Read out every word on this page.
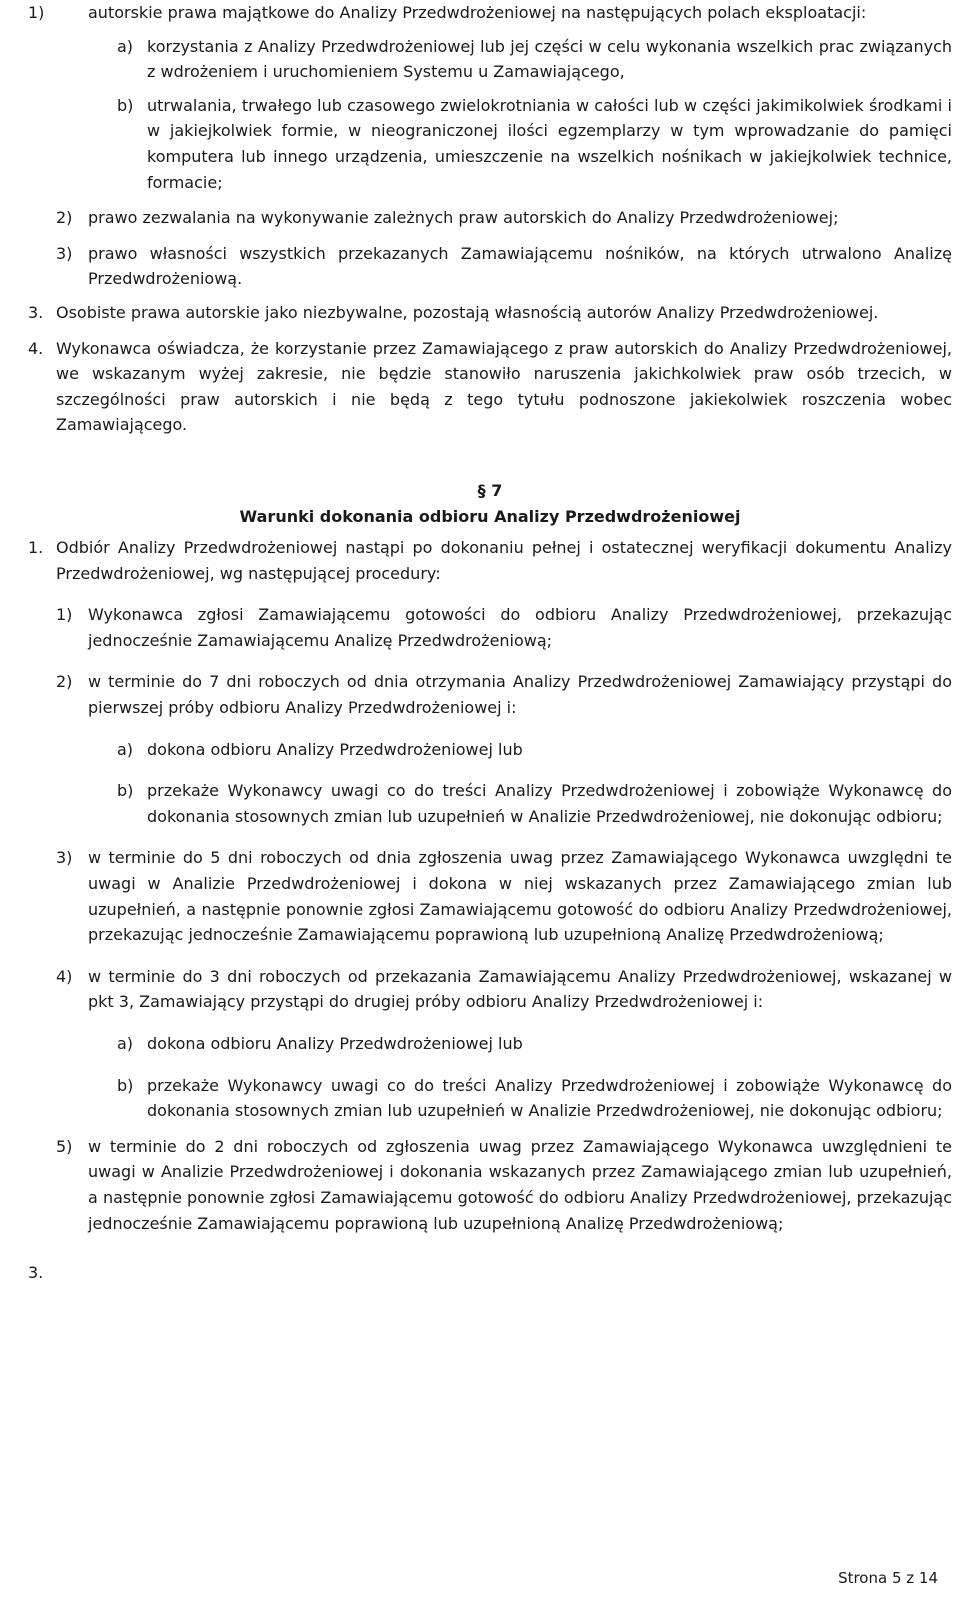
1)	autorskie prawa majątkowe do Analizy Przedwdrożeniowej na następujących polach eksploatacji:
a) korzystania z Analizy Przedwdrożeniowej lub jej części w celu wykonania wszelkich prac związanych z wdrożeniem i uruchomieniem Systemu u Zamawiającego,
b) utrwalania, trwałego lub czasowego zwielokrotniania w całości lub w części jakimikolwiek środkami i w jakiejkolwiek formie, w nieograniczonej ilości egzemplarzy w tym wprowadzanie do pamięci komputera lub innego urządzenia, umieszczenie na wszelkich nośnikach w jakiejkolwiek technice, formacie;
2) prawo zezwalania na wykonywanie zależnych praw autorskich do Analizy Przedwdrożeniowej;
3) prawo własności wszystkich przekazanych Zamawiającemu nośników, na których utrwalono Analizę Przedwdrożeniową.
3. Osobiste prawa autorskie jako niezbywalne, pozostają własnością autorów Analizy Przedwdrożeniowej.
4. Wykonawca oświadcza, że korzystanie przez Zamawiającego z praw autorskich do Analizy Przedwdrożeniowej, we wskazanym wyżej zakresie, nie będzie stanowiło naruszenia jakichkolwiek praw osób trzecich, w szczególności praw autorskich i nie będą z tego tytułu podnoszone jakiekolwiek roszczenia wobec Zamawiającego.
§ 7
Warunki dokonania odbioru Analizy Przedwdrożeniowej
1. Odbiór Analizy Przedwdrożeniowej nastąpi po dokonaniu pełnej i ostatecznej weryfikacji dokumentu Analizy Przedwdrożeniowej, wg następującej procedury:
1) Wykonawca zgłosi Zamawiającemu gotowości do odbioru Analizy Przedwdrożeniowej, przekazując jednocześnie Zamawiającemu Analizę Przedwdrożeniową;
2) w terminie do 7 dni roboczych od dnia otrzymania Analizy Przedwdrożeniowej Zamawiający przystąpi do pierwszej próby odbioru Analizy Przedwdrożeniowej i:
a) dokona odbioru Analizy Przedwdrożeniowej lub
b) przekaże Wykonawcy uwagi co do treści Analizy Przedwdrożeniowej i zobowiąże Wykonawcę do dokonania stosownych zmian lub uzupełnień w Analizie Przedwdrożeniowej, nie dokonując odbioru;
3) w terminie do 5 dni roboczych od dnia zgłoszenia uwag przez Zamawiającego Wykonawca uwzględni te uwagi w Analizie Przedwdrożeniowej i dokona w niej wskazanych przez Zamawiającego zmian lub uzupełnień, a następnie ponownie zgłosi Zamawiającemu gotowość do odbioru Analizy Przedwdrożeniowej, przekazując jednocześnie Zamawiającemu poprawioną lub uzupełnioną Analizę Przedwdrożeniową;
4) w terminie do 3 dni roboczych od przekazania Zamawiającemu Analizy Przedwdrożeniowej, wskazanej w pkt 3, Zamawiający przystąpi do drugiej próby odbioru Analizy Przedwdrożeniowej i:
a) dokona odbioru Analizy Przedwdrożeniowej lub
b) przekaże Wykonawcy uwagi co do treści Analizy Przedwdrożeniowej i zobowiąże Wykonawcę do dokonania stosownych zmian lub uzupełnień w Analizie Przedwdrożeniowej, nie dokonując odbioru;
5) w terminie do 2 dni roboczych od zgłoszenia uwag przez Zamawiającego Wykonawca uwzględnieni te uwagi w Analizie Przedwdrożeniowej i dokonania wskazanych przez Zamawiającego zmian lub uzupełnień, a następnie ponownie zgłosi Zamawiającemu gotowość do odbioru Analizy Przedwdrożeniowej, przekazując jednocześnie Zamawiającemu poprawioną lub uzupełnioną Analizę Przedwdrożeniową;
3.
Strona 5 z 14
